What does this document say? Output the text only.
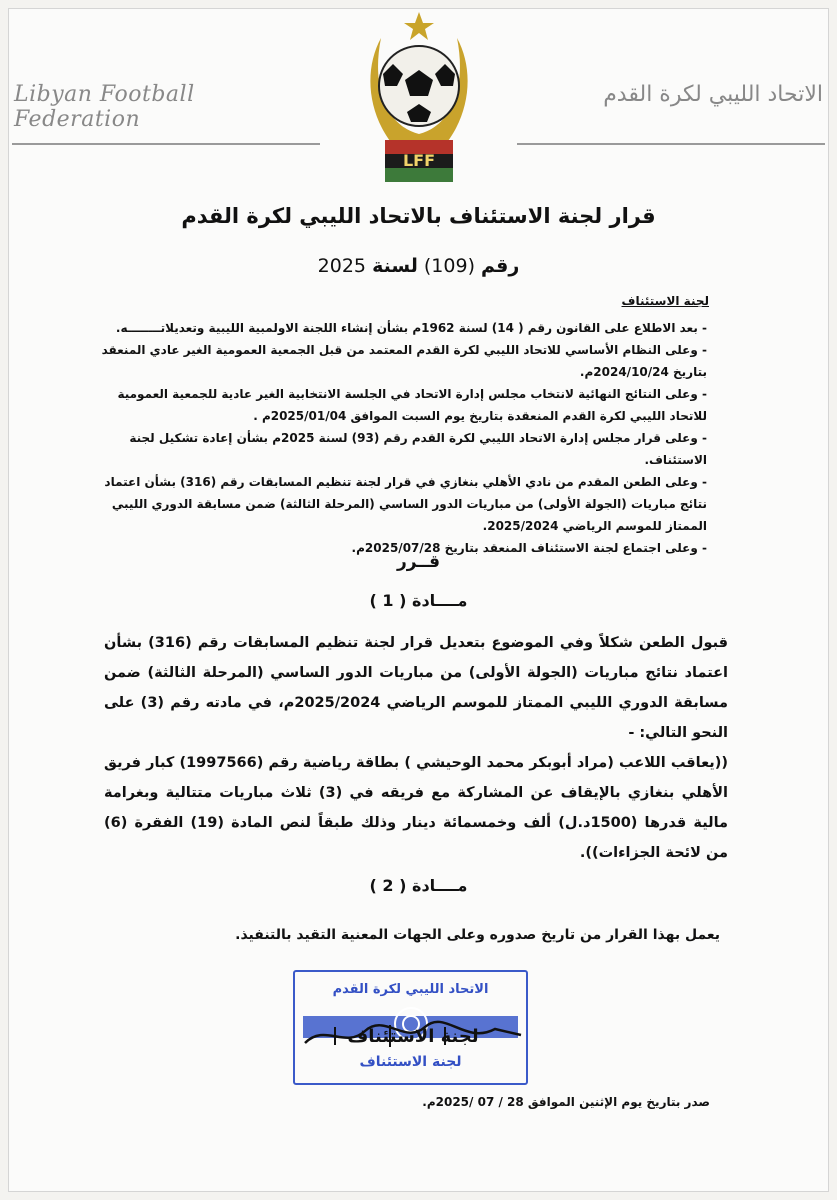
Libyan Football Federation
الاتحاد الليبي لكرة القدم
LFF
قرار لجنة الاستئناف بالاتحاد الليبي لكرة القدم
رقم (109) لسنة 2025
لجنة الاستئناف

- بعد الاطلاع على القانون رقم ( 14) لسنة 1962م بشأن إنشاء اللجنة الاولمبية الليبية وتعديلاتــــــــه.

- وعلى النظام الأساسي للاتحاد الليبي لكرة القدم المعتمد من قبل الجمعية العمومية الغير عادي المنعقد بتاريخ 2024/10/24م.

- وعلى النتائج النهائية لانتخاب مجلس إدارة الاتحاد في الجلسة الانتخابية الغير عادية للجمعية العمومية للاتحاد الليبي لكرة القدم المنعقدة بتاريخ يوم السبت الموافق 2025/01/04م .

- وعلى قرار مجلس إدارة الاتحاد الليبي لكرة القدم رقم (93) لسنة 2025م بشأن إعادة تشكيل لجنة الاستئناف.

- وعلى الطعن المقدم من نادي الأهلي بنغازي في قرار لجنة تنظيم المسابقات رقم (316) بشأن اعتماد نتائج مباريات (الجولة الأولى) من مباريات الدور الساسي (المرحلة الثالثة) ضمن مسابقة الدوري الليبي الممتاز للموسم الرياضي 2025/2024.

- وعلى اجتماع لجنة الاستئناف المنعقد بتاريخ 2025/07/28م.

قــرر
مــــادة ( 1 )

قبول الطعن شكلاً وفي الموضوع بتعديل قرار لجنة تنظيم المسابقات رقم (316) بشأن اعتماد نتائج مباريات (الجولة الأولى) من مباريات الدور الساسي (المرحلة الثالثة) ضمن مسابقة الدوري الليبي الممتاز للموسم الرياضي 2025/2024م، في مادته رقم (3) على النحو التالي: -

((يعاقب اللاعب (مراد أبوبكر محمد الوحيشي ) بطاقة رياضية رقم (1997566) كبار فريق الأهلي بنغازي بالإيقاف عن المشاركة مع فريقه في (3) ثلاث مباريات متتالية وبغرامة مالية قدرها (1500د.ل) ألف وخمسمائة دينار وذلك طبقاً لنص المادة (19) الفقرة (6) من لائحة الجزاءات)).

مــــادة ( 2 )
يعمل بهذا القرار من تاريخ صدوره وعلى الجهات المعنية التقيد بالتنفيذ.
الاتحاد الليبي لكرة القدم
لجنة الاستئناف
لجنة الاستئناف
صدر بتاريخ يوم الإثنين الموافق 28 / 07 /2025م.
